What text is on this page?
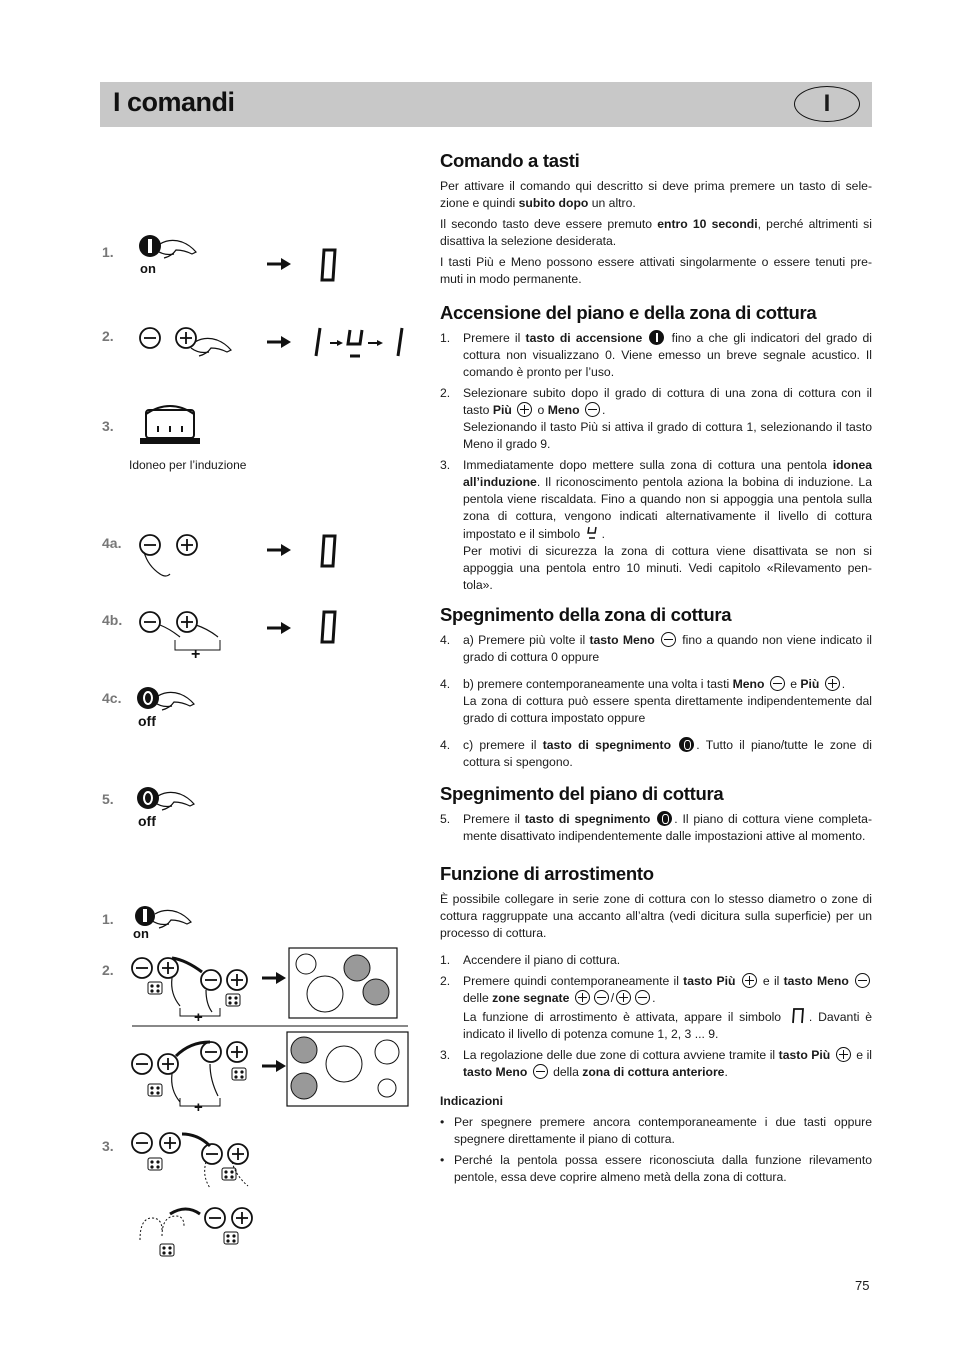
I comandi	I
1.
2.
3.
4a.
4b.
4c.
5.
1.
2.
3.
Idoneo per l’induzione
+
off
off
on
on
+
+
Comando a tasti

Per attivare il comando qui descritto si deve prima premere un tasto di sele-zione e quindi subito dopo un altro.

Il secondo tasto deve essere premuto entro 10 secondi, perché altrimenti si disattiva la selezione desiderata.

I tasti Più e Meno possono essere attivati singolarmente o essere tenuti pre-muti in modo permanente.

Accensione del piano e della zona di cottura
1. Premere il tasto di accensione  fino a che gli indicatori del grado di cottura non visualizzano 0. Viene emesso un breve segnale acustico. Il comando è pronto per l’uso.
2. Selezionare subito dopo il grado di cottura di una zona di cottura con il tasto Più  o Meno .
Selezionando il tasto Più si attiva il grado di cottura 1, selezionando il tasto Meno il grado 9.
3. Immediatamente dopo mettere sulla zona di cottura una pentola idonea all’induzione. Il riconoscimento pentola aziona la bobina di induzione. La pentola viene riscaldata. Fino a quando non si appoggia una pentola sulla zona di cottura, vengono indicati alternativamente il livello di cottura impostato e il simbolo .
Per motivi di sicurezza la zona di cottura viene disattivata se non si appoggia una pentola entro 10 minuti. Vedi capitolo «Rilevamento pen-tola».
Spegnimento della zona di cottura
4. a) Premere più volte il tasto Meno  fino a quando non viene indicato il grado di cottura 0 oppure
4. b) premere contemporaneamente una volta i tasti Meno  e Più .
La zona di cottura può essere spenta direttamente indipendentemente dal grado di cottura impostato oppure
4. c) premere il tasto di spegnimento . Tutto il piano/tutte le zone di cottura si spengono.
Spegnimento del piano di cottura
5. Premere il tasto di spegnimento . Il piano di cottura viene completa-mente disattivato indipendentemente dalle impostazioni attive al momento.
Funzione di arrostimento

È possibile collegare in serie zone di cottura con lo stesso diametro o zone di cottura raggruppate una accanto all’altra (vedi dicitura sulla superficie) per un processo di cottura.

1. Accendere il piano di cottura.
2. Premere quindi contemporaneamente il tasto Più  e il tasto Meno  delle zone segnate	/	.
La funzione di arrostimento è attivata, appare il simbolo . Davanti è indicato il livello di potenza comune 1, 2, 3 ... 9.
3. La regolazione delle due zone di cottura avviene tramite il tasto Più  e il tasto Meno  della zona di cottura anteriore.
Indicazioni
• Per spegnere premere ancora contemporaneamente i due tasti oppure spegnere direttamente il piano di cottura.
• Perché la pentola possa essere riconosciuta dalla funzione rilevamento pentole, essa deve coprire almeno metà della zona di cottura.
75
